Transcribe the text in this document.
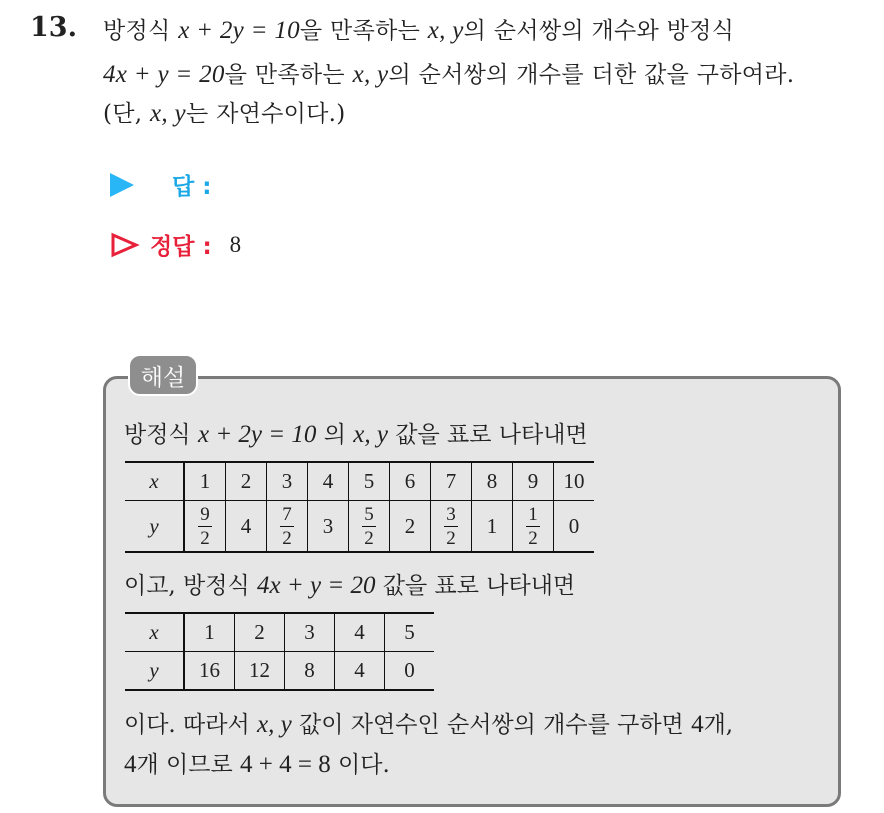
13. 방정식 x + 2y = 10을 만족하는 x, y의 순서쌍의 개수와 방정식
4x + y = 20을 만족하는 x, y의 순서쌍의 개수를 더한 값을 구하여라.
(단, x, y는 자연수이다.)
답 :
정답 : 8
해설
방정식 x + 2y = 10 의 x, y 값을 표로 나타내면
x	1	2	3	4	5	6	7	8	9	10
y	$\frac{9}{2}$	4	$\frac{7}{2}$	3	$\frac{5}{2}$	2	$\frac{3}{2}$	1	$\frac{1}{2}$	0
이고, 방정식 4x + y = 20 값을 표로 나타내면
x	1	2	3	4	5
y	16	12	8	4	0
이다. 따라서 x, y 값이 자연수인 순서쌍의 개수를 구하면 4개,
4개 이므로 4 + 4 = 8 이다.
